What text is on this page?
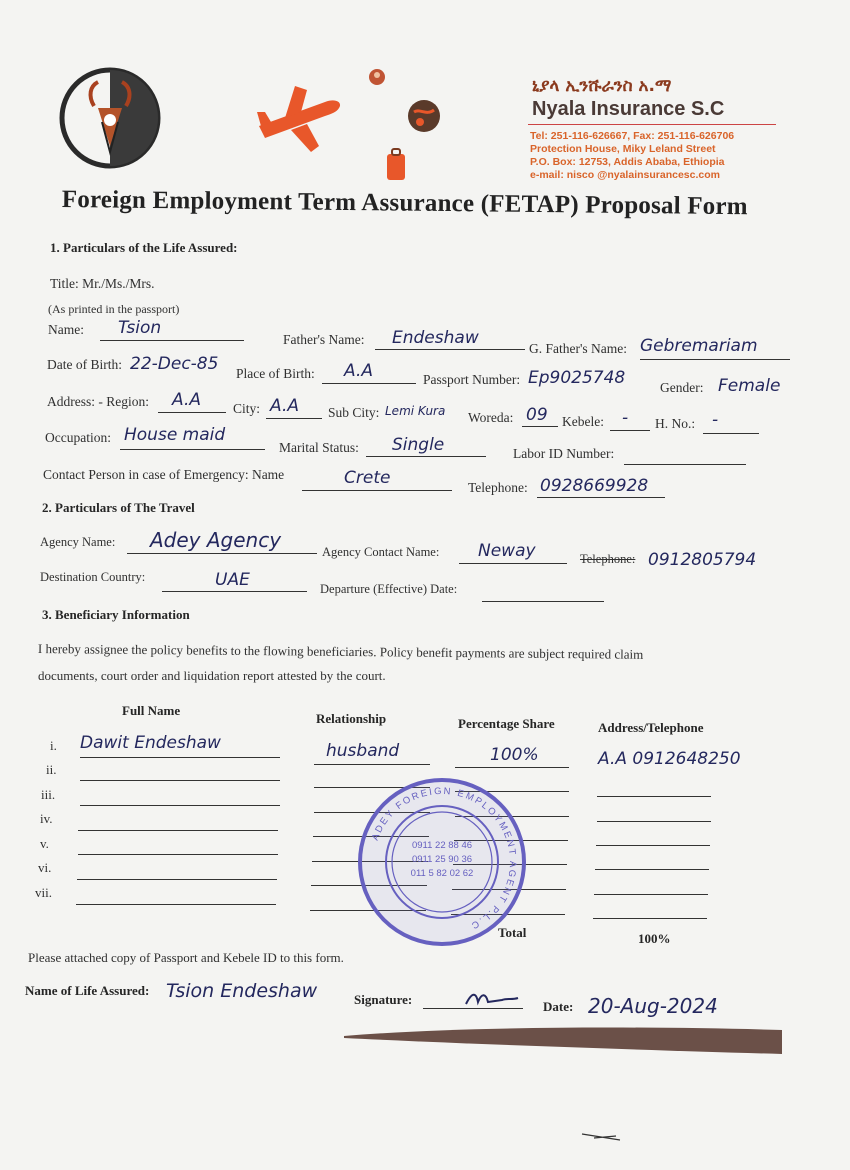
ኒያላ ኢንሹራንስ አ.ማ
Nyala Insurance S.C
Tel: 251-116-626667, Fax: 251-116-626706
Protection House, Miky Leland Street
P.O. Box: 12753, Addis Ababa, Ethiopia
e-mail: nisco @nyalainsurancesc.com
Foreign Employment Term Assurance (FETAP) Proposal Form
1. Particulars of the Life Assured:
Title: Mr./Ms./Mrs.
(As printed in the passport)
Name: Tsion
Father's Name: Endeshaw
G. Father's Name: Gebremariam
Date of Birth: 22-Dec-85 Place of Birth: A.A	Passport Number: Ep9025748	Gender: Female
Address: - Region: A.A City: A.A Sub City: Lemi Kura Woreda: 09 Kebele: - H. No.: -
Occupation: House maid
Marital Status: Single	Labor ID Number:
Contact Person in case of Emergency: Name	Crete	Telephone: 0928669928
2. Particulars of The Travel
Agency Name: Adey Agency	Agency Contact Name: Neway	Telephone: 0912805794
Destination Country:	UAE	Departure (Effective) Date:
3. Beneficiary Information
I hereby assignee the policy benefits to the flowing beneficiaries. Policy benefit payments are subject required claim
documents, court order and liquidation report attested by the court.
Full Name
Relationship	Percentage Share	Address/Telephone
i. Dawit Endeshaw	husband	100%	A.A 0912648250
ii.
iii.
iv.
v.
vi.
vii.
Total	100%
ADEY FOREIGN EMPLOYMENT AGENT P.L.C
0911 22 88 46
0911 25 90 36
011 5 82 02 62
Please attached copy of Passport and Kebele ID to this form.
Name of Life Assured: Tsion Endeshaw	Signature:	Date: 20-Aug-2024
